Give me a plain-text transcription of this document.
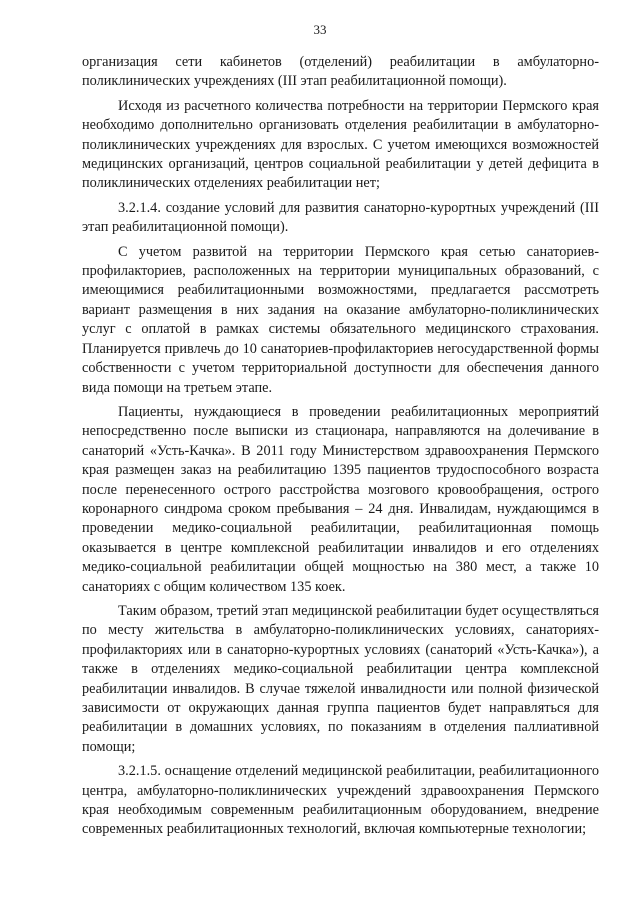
33

организация сети кабинетов (отделений) реабилитации в амбулаторно-поликлинических учреждениях (III этап реабилитационной помощи).

Исходя из расчетного количества потребности на территории Пермского края необходимо дополнительно организовать отделения реабилитации в амбулаторно-поликлинических учреждениях для взрослых. С учетом имеющихся возможностей медицинских организаций, центров социальной реабилитации у детей дефицита в поликлинических отделениях реабилитации нет;

3.2.1.4. создание условий для развития санаторно-курортных учреждений (III этап реабилитационной помощи).

С учетом развитой на территории Пермского края сетью санаториев-профилакториев, расположенных на территории муниципальных образований, с имеющимися реабилитационными возможностями, предлагается рассмотреть вариант размещения в них задания на оказание амбулаторно-поликлинических услуг с оплатой в рамках системы обязательного медицинского страхования. Планируется привлечь до 10 санаториев-профилакториев негосударственной формы собственности с учетом территориальной доступности для обеспечения данного вида помощи на третьем этапе.

Пациенты, нуждающиеся в проведении реабилитационных мероприятий непосредственно после выписки из стационара, направляются на долечивание в санаторий «Усть-Качка». В 2011 году Министерством здравоохранения Пермского края размещен заказ на реабилитацию 1395 пациентов трудоспособного возраста после перенесенного острого расстройства мозгового кровообращения, острого коронарного синдрома сроком пребывания – 24 дня. Инвалидам, нуждающимся в проведении медико-социальной реабилитации, реабилитационная помощь оказывается в центре комплексной реабилитации инвалидов и его отделениях медико-социальной реабилитации общей мощностью на 380 мест, а также 10 санаториях с общим количеством 135 коек.

Таким образом, третий этап медицинской реабилитации будет осуществляться по месту жительства в амбулаторно-поликлинических условиях, санаториях-профилакториях или в санаторно-курортных условиях (санаторий «Усть-Качка»), а также в отделениях медико-социальной реабилитации центра комплексной реабилитации инвалидов. В случае тяжелой инвалидности или полной физической зависимости от окружающих данная группа пациентов будет направляться для реабилитации в домашних условиях, по показаниям в отделения паллиативной помощи;

3.2.1.5. оснащение отделений медицинской реабилитации, реабилитационного центра, амбулаторно-поликлинических учреждений здравоохранения Пермского края необходимым современным реабилитационным оборудованием, внедрение современных реабилитационных технологий, включая компьютерные технологии;
